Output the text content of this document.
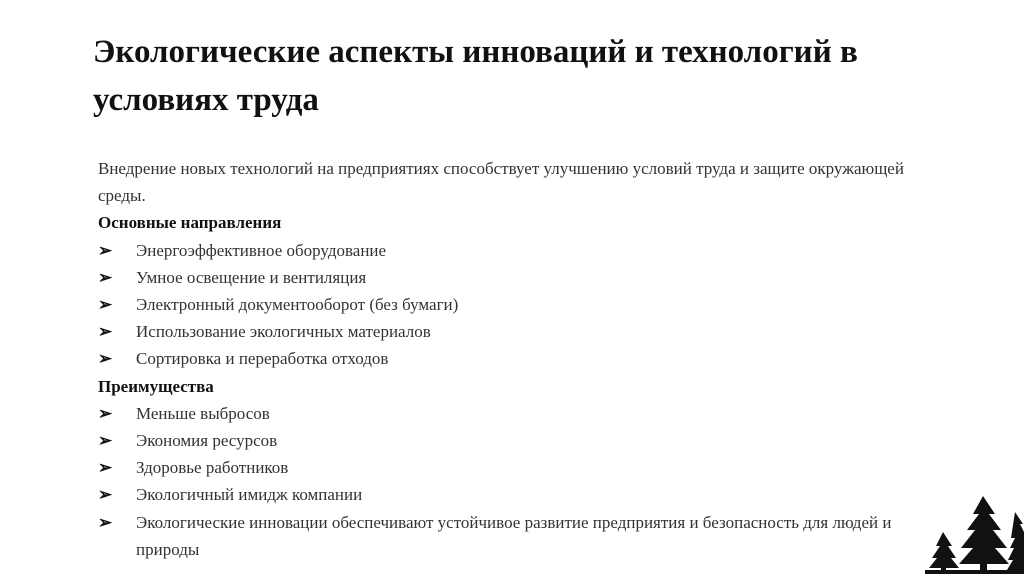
Экологические аспекты инноваций и технологий в условиях труда

Внедрение новых технологий на предприятиях способствует улучшению условий труда и защите окружающей среды.

Основные направления

➢	Энергоэффективное оборудование
➢	Умное освещение и вентиляция
➢	Электронный документооборот (без бумаги)
➢	Использование экологичных материалов
➢	Сортировка и переработка отходов

Преимущества

➢	Меньше выбросов
➢	Экономия ресурсов
➢	Здоровье работников
➢	Экологичный имидж компании
➢	Экологические инновации обеспечивают устойчивое развитие предприятия и безопасность для людей и природы
